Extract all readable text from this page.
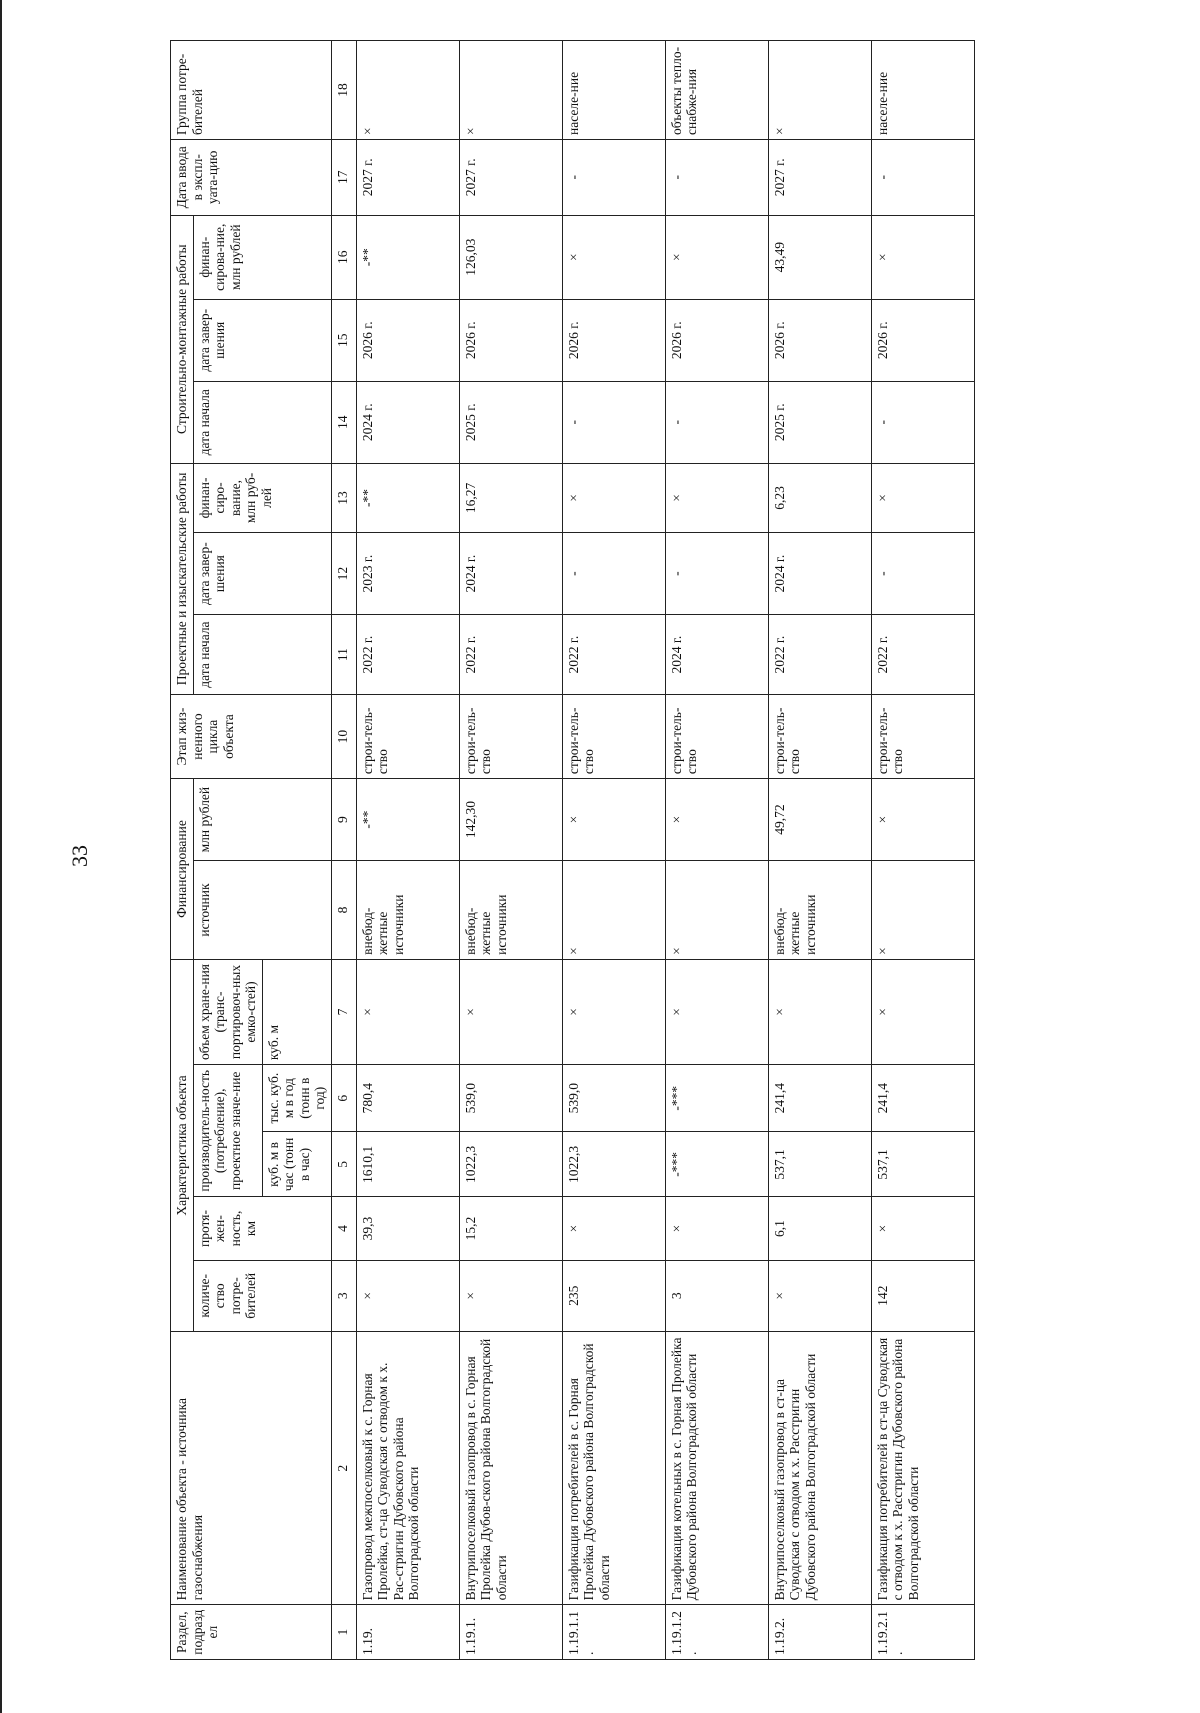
33
Раздел, подраздел	Наименование объекта - источника газоснабжения	Характеристика объекта					Финансирование		Этап жиз-ненного цикла объекта	Проектные и изыскательские работы			Строительно-монтажные работы			Дата ввода в экспл-уата-цию	Группа потре-бителей
		количе-ство потре-бителей	протя-жен-ность, км	производитель-ность (потребление), проектное значе-ние		объем хране-ния (транс-портировоч-ных емко-стей)	источник	млн рублей		дата начала	дата завер-шения	финан-сиро-вание, млн руб-лей	дата начала	дата завер-шения	финан-сирова-ние, млн рублей		
				куб. м в час (тонн в час)	тыс. куб. м в год (тонн в год)	куб. м											
1	2	3	4	5	6	7	8	9	10	11	12	13	14	15	16	17	18
1.19.	Газопровод межпоселковый к с. Горная Пролейка, ст-ца Суводская с отводом к х. Рас-стригин Дубовского района Волгоградской области	×	39,3	1610,1	780,4	×	внебюд-жетные источники	-**	строи-тель-ство	2022 г.	2023 г.	-**	2024 г.	2026 г.	-**	2027 г.	×
1.19.1.	Внутрипоселковый газопровод в с. Горная Пролейка Дубов-ского района Волгоградской области	×	15,2	1022,3	539,0	×	внебюд-жетные источники	142,30	строи-тель-ство	2022 г.	2024 г.	16,27	2025 г.	2026 г.	126,03	2027 г.	×
1.19.1.1.	Газификация потребителей в с. Горная Пролейка Дубовского района Волгоградской области	235	×	1022,3	539,0	×	×	×	строи-тель-ство	2022 г.	-	×	-	2026 г.	×	-	населе-ние
1.19.1.2.	Газификация котельных в с. Горная Пролейка Дубовского района Волгоградской области	3	×	-***	-***	×	×	×	строи-тель-ство	2024 г.	-	×	-	2026 г.	×	-	объекты тепло-снабже-ния
1.19.2.	Внутрипоселковый газопровод в ст-ца Суводская с отводом к х. Расстригин Дубовского района Волгоградской области	×	6,1	537,1	241,4	×	внебюд-жетные источники	49,72	строи-тель-ство	2022 г.	2024 г.	6,23	2025 г.	2026 г.	43,49	2027 г.	×
1.19.2.1.	Газификация потребителей в ст-ца Суводская с отводом к х. Расстригин Дубовского района Волгоградской области	142	×	537,1	241,4	×	×	×	строи-тель-ство	2022 г.	-	×	-	2026 г.	×	-	населе-ние
